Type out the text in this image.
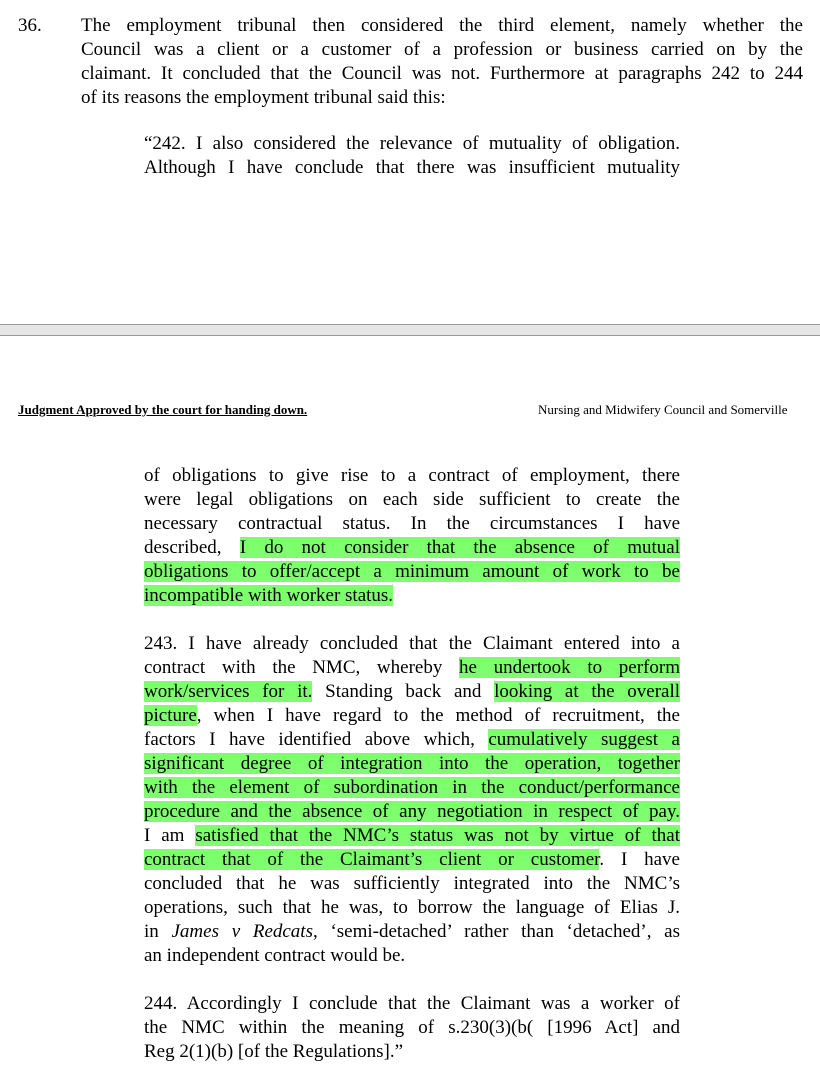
36. The employment tribunal then considered the third element, namely whether the
Council was a client or a customer of a profession or business carried on by the
claimant. It concluded that the Council was not. Furthermore at paragraphs 242 to 244
of its reasons the employment tribunal said this:
“242. I also considered the relevance of mutuality of obligation.
Although I have conclude that there was insufficient mutuality
Judgment Approved by the court for handing down.	Nursing and Midwifery Council and Somerville

of obligations to give rise to a contract of employment, there
were legal obligations on each side sufficient to create the
necessary contractual status. In the circumstances I have
described, I do not consider that the absence of mutual
obligations to offer/accept a minimum amount of work to be
incompatible with worker status.

243. I have already concluded that the Claimant entered into a
contract with the NMC, whereby he undertook to perform
work/services for it. Standing back and looking at the overall
picture, when I have regard to the method of recruitment, the
factors I have identified above which, cumulatively suggest a
significant degree of integration into the operation, together
with the element of subordination in the conduct/performance
procedure and the absence of any negotiation in respect of pay.
I am satisfied that the NMC’s status was not by virtue of that
contract that of the Claimant’s client or customer. I have
concluded that he was sufficiently integrated into the NMC’s
operations, such that he was, to borrow the language of Elias J.
in James v Redcats, ‘semi-detached’ rather than ‘detached’, as
an independent contract would be.

244. Accordingly I conclude that the Claimant was a worker of
the NMC within the meaning of s.230(3)(b( [1996 Act] and
Reg 2(1)(b) [of the Regulations].”
